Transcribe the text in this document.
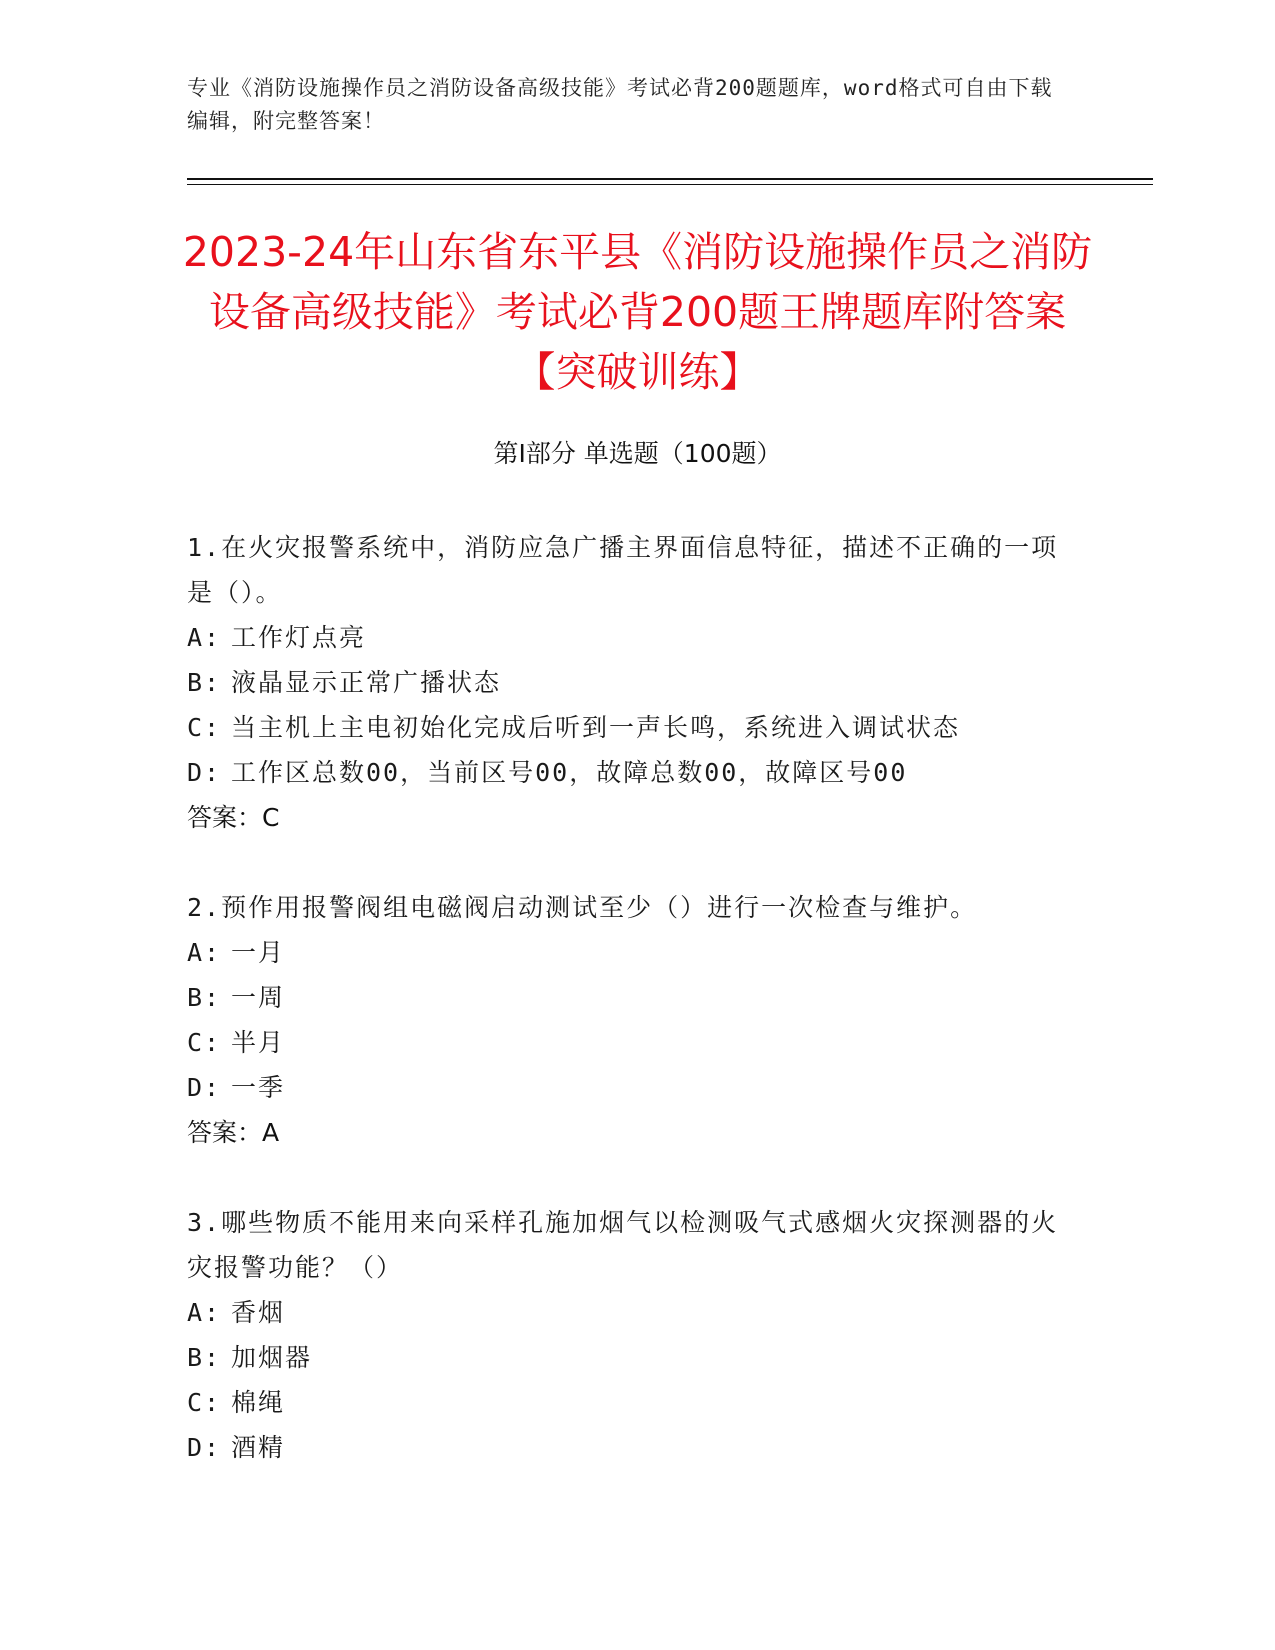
专业《消防设施操作员之消防设备高级技能》考试必背200题题库，word格式可自由下载编辑，附完整答案！
2023-24年山东省东平县《消防设施操作员之消防设备高级技能》考试必背200题王牌题库附答案【突破训练】
第Ⅰ部分 单选题（100题）
1.在火灾报警系统中，消防应急广播主界面信息特征，描述不正确的一项是（）。
A: 工作灯点亮
B: 液晶显示正常广播状态
C: 当主机上主电初始化完成后听到一声长鸣，系统进入调试状态
D: 工作区总数00，当前区号00，故障总数00，故障区号00
答案：C
2.预作用报警阀组电磁阀启动测试至少（）进行一次检查与维护。
A: 一月
B: 一周
C: 半月
D: 一季
答案：A
3.哪些物质不能用来向采样孔施加烟气以检测吸气式感烟火灾探测器的火灾报警功能？（）
A: 香烟
B: 加烟器
C: 棉绳
D: 酒精
